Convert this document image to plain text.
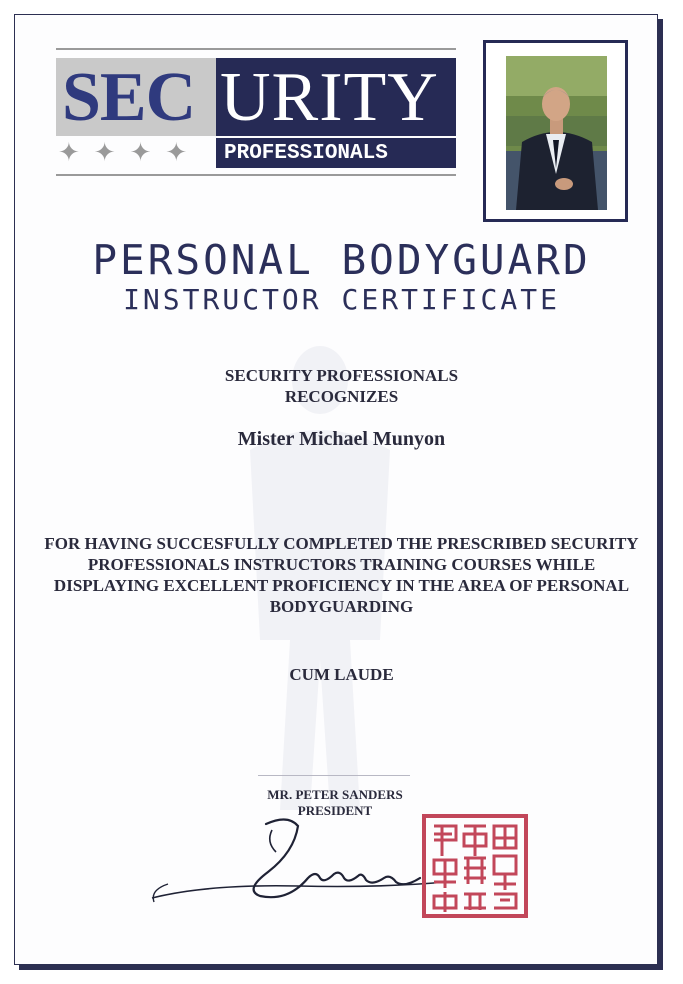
SEC URITY
✦✦✦✦ PROFESSIONALS
PERSONAL BODYGUARD
INSTRUCTOR CERTIFICATE
SECURITY PROFESSIONALS
RECOGNIZES
Mister Michael Munyon
FOR HAVING SUCCESFULLY COMPLETED THE PRESCRIBED SECURITY PROFESSIONALS INSTRUCTORS TRAINING COURSES WHILE DISPLAYING EXCELLENT PROFICIENCY IN THE AREA OF PERSONAL BODYGUARDING
CUM LAUDE
MR. PETER SANDERS
PRESIDENT
